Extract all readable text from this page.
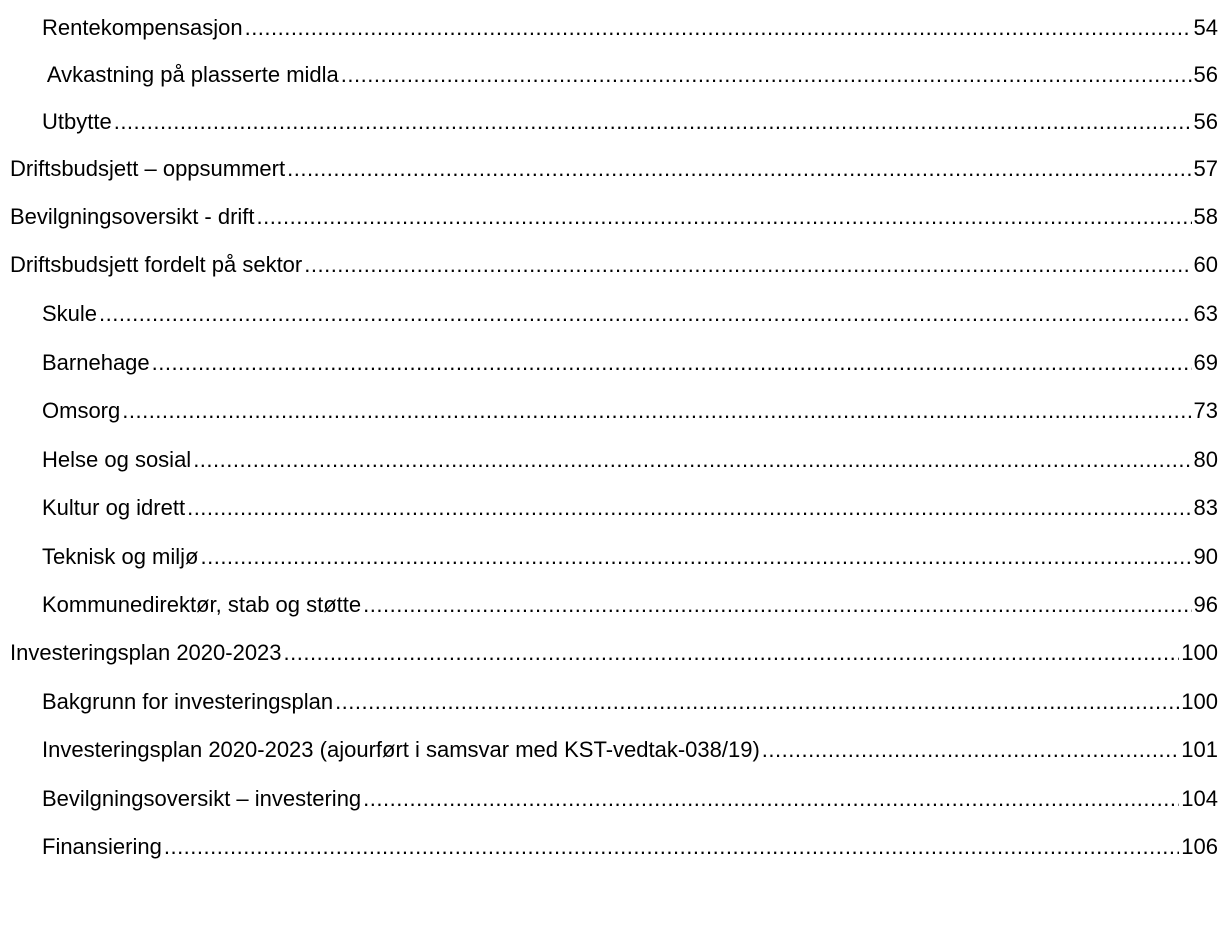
Rentekompensasjon .....	54
Avkastning på plasserte midla .....	56
Utbytte .....	56
Driftsbudsjett – oppsummert .....	57
Bevilgningsoversikt - drift .....	58
Driftsbudsjett fordelt på sektor .....	60
Skule .....	63
Barnehage .....	69
Omsorg .....	73
Helse og sosial .....	80
Kultur og idrett .....	83
Teknisk og miljø .....	90
Kommunedirektør, stab og støtte .....	96
Investeringsplan 2020-2023 .....	100
Bakgrunn for investeringsplan .....	100
Investeringsplan 2020-2023 (ajourført i samsvar med KST-vedtak-038/19) .....	101
Bevilgningsoversikt – investering .....	104
Finansiering .....	106
